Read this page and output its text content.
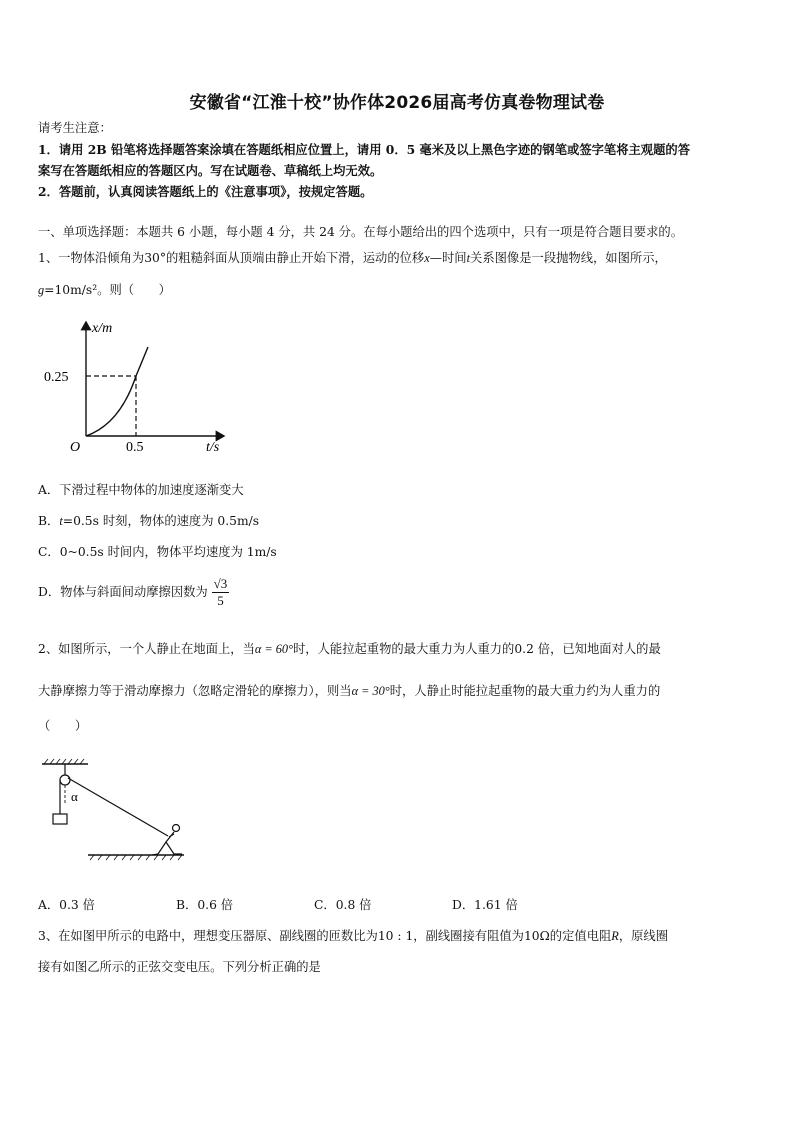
安徽省“江淮十校”协作体2026届高考仿真卷物理试卷
请考生注意：
1．请用 2B 铅笔将选择题答案涂填在答题纸相应位置上，请用 0．5 毫米及以上黑色字迹的钢笔或签字笔将主观题的答
案写在答题纸相应的答题区内。写在试题卷、草稿纸上均无效。
2．答题前，认真阅读答题纸上的《注意事项》，按规定答题。
一、单项选择题：本题共 6 小题，每小题 4 分，共 24 分。在每小题给出的四个选项中，只有一项是符合题目要求的。
1、一物体沿倾角为30°的粗糙斜面从顶端由静止开始下滑，运动的位移x—时间t关系图像是一段抛物线，如图所示，
g=10m/s²。则（　　）
x/m
0.25
O	0.5	t/s
A．下滑过程中物体的加速度逐渐变大
B．t=0.5s 时刻，物体的速度为 0.5m/s
C．0~0.5s 时间内，物体平均速度为 1m/s
D．物体与斜面间动摩擦因数为 $\frac{√3}{5}$
2、如图所示，一个人静止在地面上，当α = 60°时，人能拉起重物的最大重力为人重力的0.2 倍，已知地面对人的最
大静摩擦力等于滑动摩擦力（忽略定滑轮的摩擦力），则当α = 30°时，人静止时能拉起重物的最大重力约为人重力的
（　　）
α
A．0.3 倍	B．0.6 倍	C．0.8 倍	D．1.61 倍
3、在如图甲所示的电路中，理想变压器原、副线圈的匝数比为10 : 1，副线圈接有阻值为10Ω的定值电阻R，原线圈
接有如图乙所示的正弦交变电压。下列分析正确的是
